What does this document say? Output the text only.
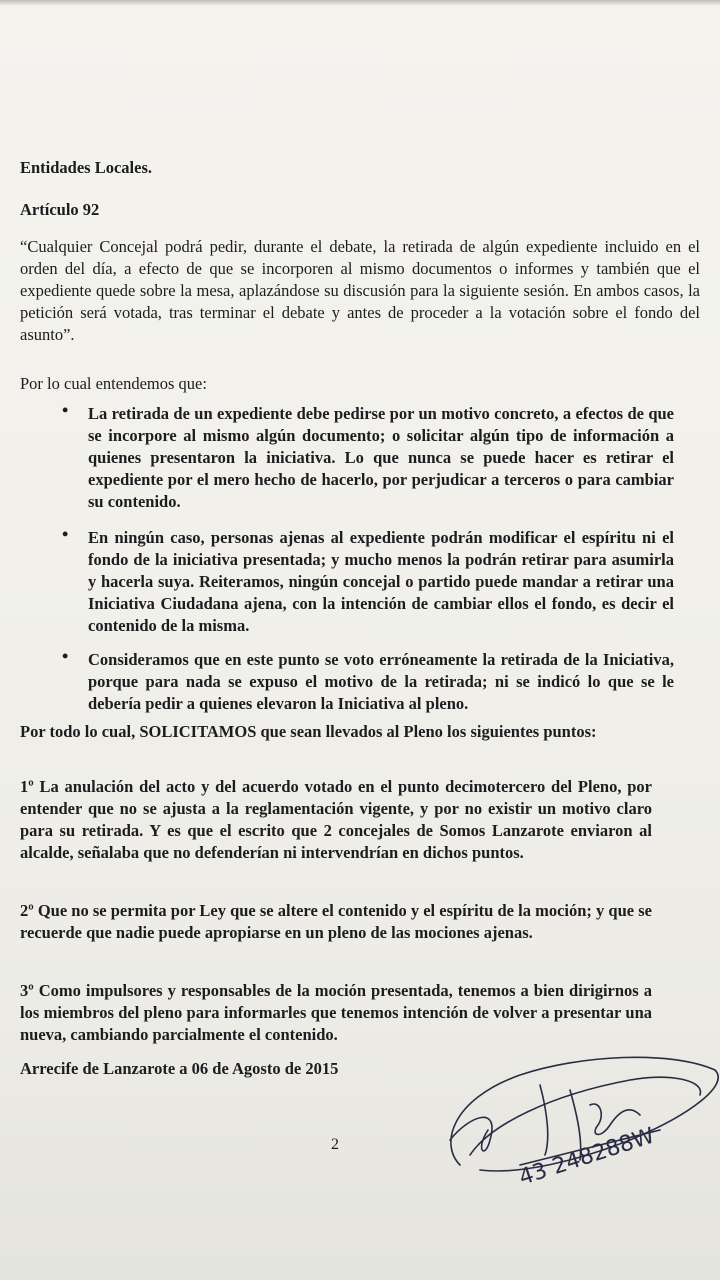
Entidades Locales.
Artículo 92
“Cualquier Concejal podrá pedir, durante el debate, la retirada de algún expediente incluido en el orden del día, a efecto de que se incorporen al mismo documentos o informes y también que el expediente quede sobre la mesa, aplazándose su discusión para la siguiente sesión. En ambos casos, la petición será votada, tras terminar el debate y antes de proceder a la votación sobre el fondo del asunto”.
Por lo cual entendemos que:
• La retirada de un expediente debe pedirse por un motivo concreto, a efectos de que se incorpore al mismo algún documento; o solicitar algún tipo de información a quienes presentaron la iniciativa. Lo que nunca se puede hacer es retirar el expediente por el mero hecho de hacerlo, por perjudicar a terceros o para cambiar su contenido.
• En ningún caso, personas ajenas al expediente podrán modificar el espíritu ni el fondo de la iniciativa presentada; y mucho menos la podrán retirar para asumirla y hacerla suya. Reiteramos, ningún concejal o partido puede mandar a retirar una Iniciativa Ciudadana ajena, con la intención de cambiar ellos el fondo, es decir el contenido de la misma.
• Consideramos que en este punto se voto erróneamente la retirada de la Iniciativa, porque para nada se expuso el motivo de la retirada; ni se indicó lo que se le debería pedir a quienes elevaron la Iniciativa al pleno.
Por todo lo cual, SOLICITAMOS que sean llevados al Pleno los siguientes puntos:
1º La anulación del acto y del acuerdo votado en el punto decimotercero del Pleno, por entender que no se ajusta a la reglamentación vigente, y por no existir un motivo claro para su retirada. Y es que el escrito que 2 concejales de Somos Lanzarote enviaron al alcalde, señalaba que no defenderían ni intervendrían en dichos puntos.
2º Que no se permita por Ley que se altere el contenido y el espíritu de la moción; y que se recuerde que nadie puede apropiarse en un pleno de las mociones ajenas.
3º Como impulsores y responsables de la moción presentada, tenemos a bien dirigirnos a los miembros del pleno para informarles que tenemos intención de volver a presentar una nueva, cambiando parcialmente el contenido.
Arrecife de Lanzarote a 06 de Agosto de 2015
2	43 248288W
